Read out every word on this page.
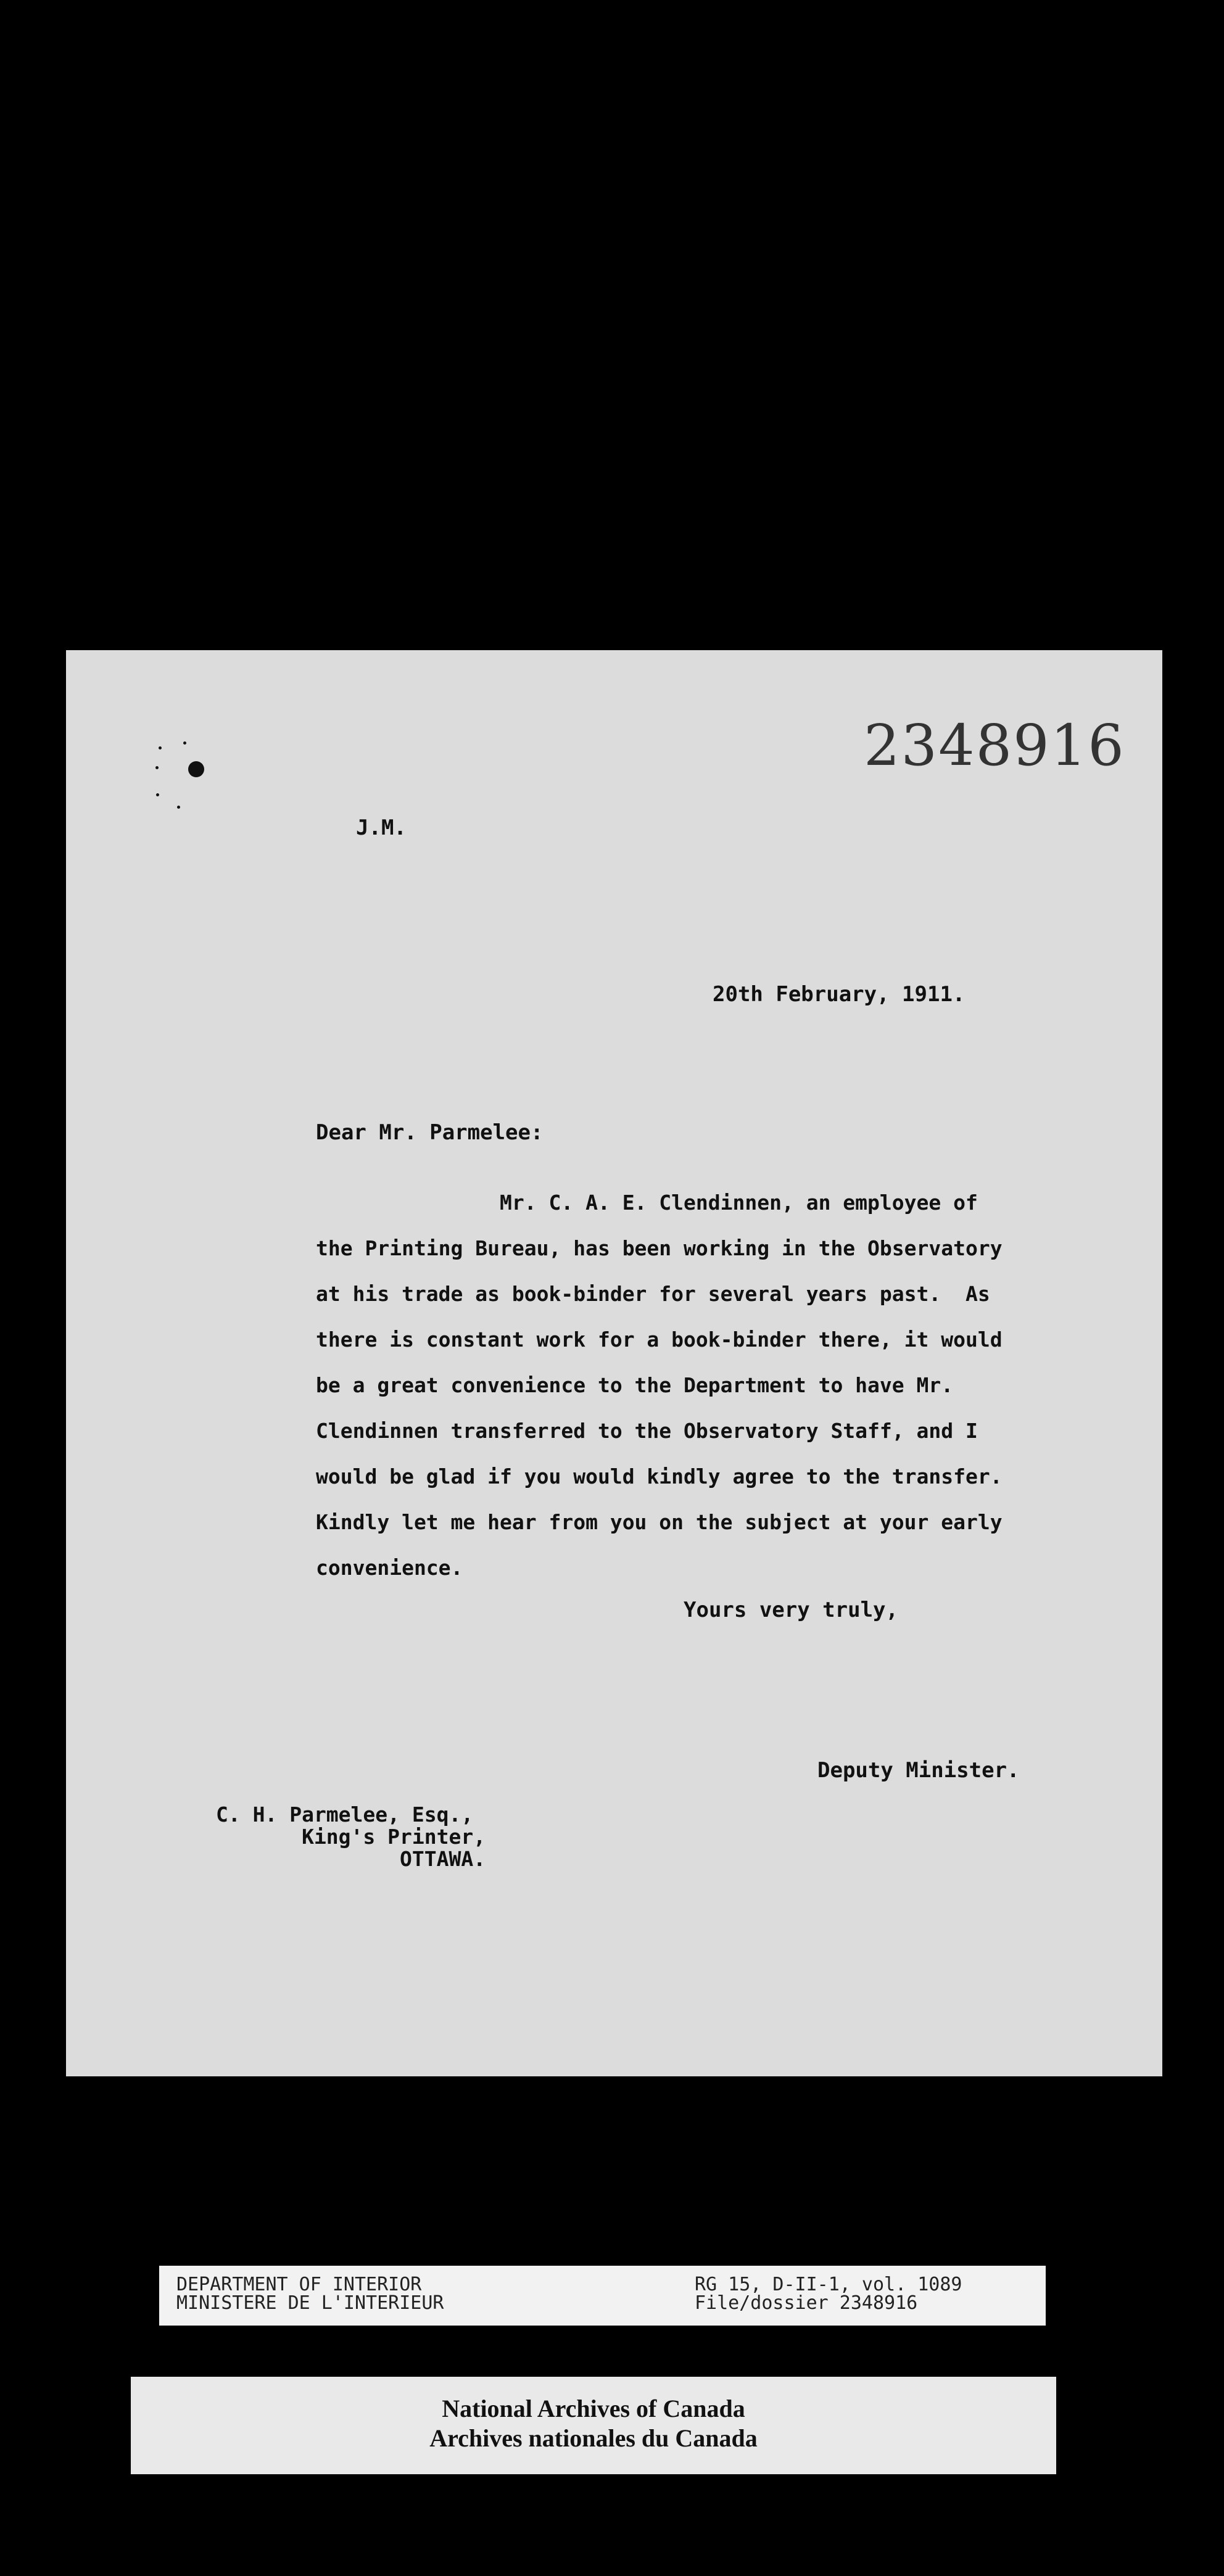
2348916
J.M.
20th February, 1911.
Dear Mr. Parmelee:
Mr. C. A. E. Clendinnen, an employee of
the Printing Bureau, has been working in the Observatory
at his trade as book-binder for several years past.  As
there is constant work for a book-binder there, it would
be a great convenience to the Department to have Mr.
Clendinnen transferred to the Observatory Staff, and I
would be glad if you would kindly agree to the transfer.
Kindly let me hear from you on the subject at your early
convenience.
Yours very truly,
Deputy Minister.
C. H. Parmelee, Esq.,
King's Printer,
OTTAWA.
DEPARTMENT OF INTERIOR
MINISTERE DE L'INTERIEUR
RG 15, D-II-1, vol. 1089
File/dossier 2348916
National Archives of Canada
Archives nationales du Canada
